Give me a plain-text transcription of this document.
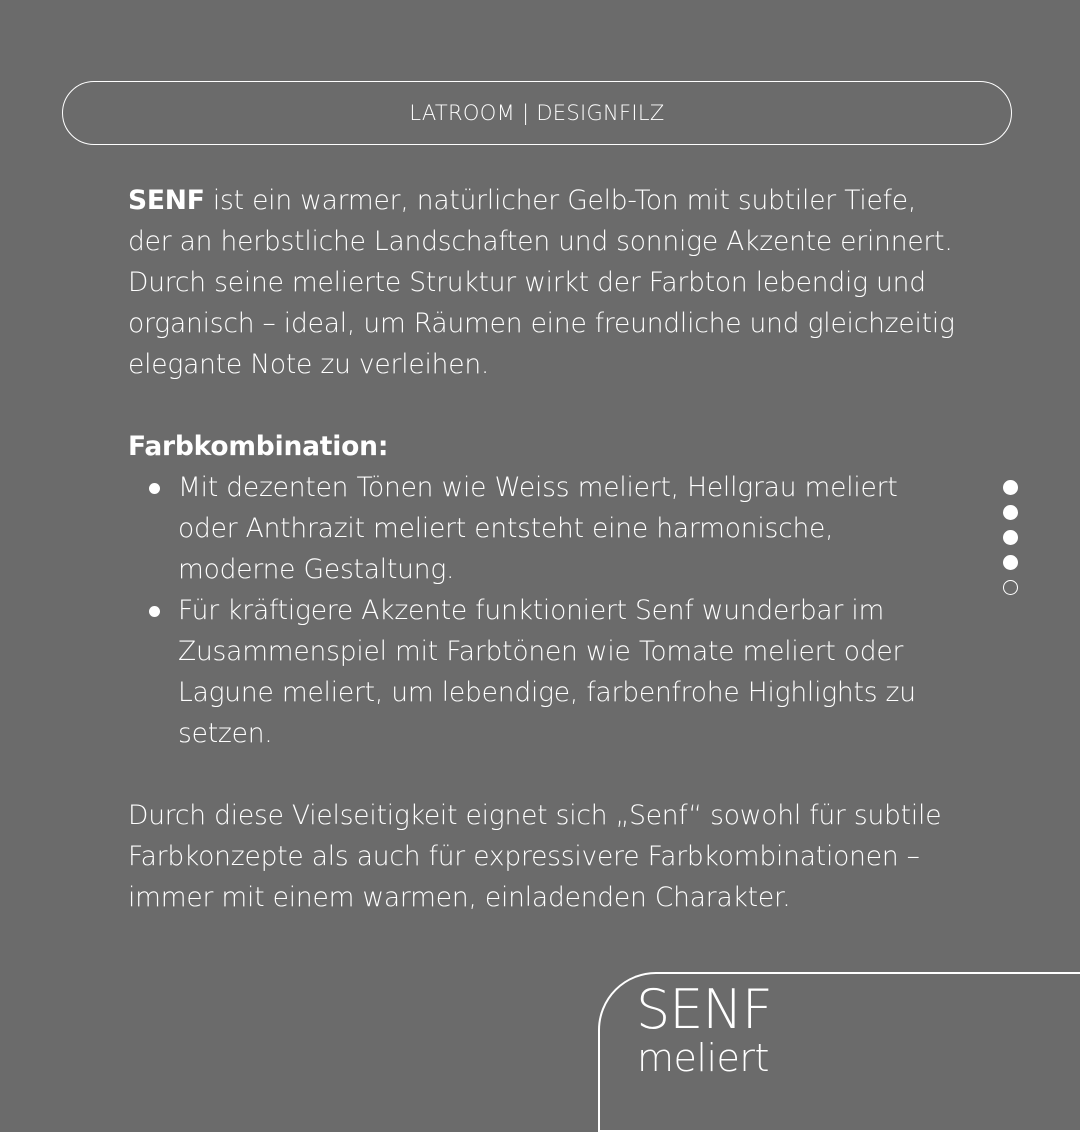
LATROOM | DESIGNFILZ

SENF ist ein warmer, natürlicher Gelb-Ton mit subtiler Tiefe, der an herbstliche Landschaften und sonnige Akzente erinnert. Durch seine melierte Struktur wirkt der Farbton lebendig und organisch – ideal, um Räumen eine freundliche und gleichzeitig elegante Note zu verleihen.

Farbkombination:

Mit dezenten Tönen wie Weiss meliert, Hellgrau meliert oder Anthrazit meliert entsteht eine harmonische, moderne Gestaltung.
Für kräftigere Akzente funktioniert Senf wunderbar im Zusammenspiel mit Farbtönen wie Tomate meliert oder Lagune meliert, um lebendige, farbenfrohe Highlights zu setzen.

Durch diese Vielseitigkeit eignet sich „Senf“ sowohl für subtile Farbkonzepte als auch für expressivere Farbkombinationen – immer mit einem warmen, einladenden Charakter.

SENF
meliert
